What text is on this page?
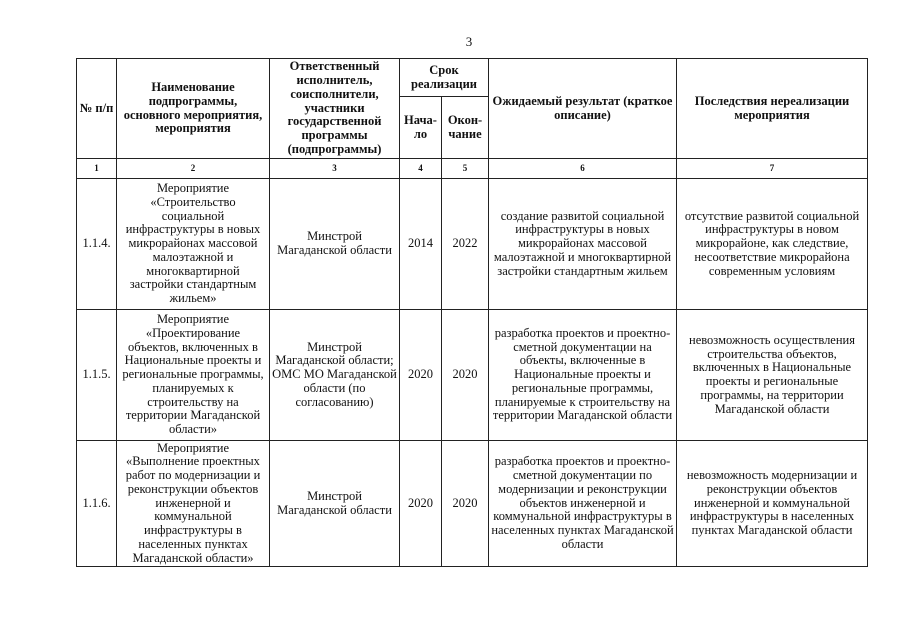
3
№ п/п	Наименование подпрограммы, основного мероприятия, мероприятия	Ответственный исполнитель, соисполнители, участники государственной программы (подпрограммы)	Срок реализации		Ожидаемый результат (краткое описание)	Последствия нереализации мероприятия
			Нача-ло	Окон-чание		
1	2	3	4	5	6	7
1.1.4.	Мероприятие «Строительство социальной инфраструктуры в новых микрорайонах массовой малоэтажной и многоквартирной застройки стандартным жильем»	Минстрой Магаданской области	2014	2022	создание развитой социальной инфраструктуры в новых микрорайонах массовой малоэтажной и многоквартирной застройки стандартным жильем	отсутствие развитой социальной инфраструктуры в новом микрорайоне, как следствие, несоответствие микрорайона современным условиям
1.1.5.	Мероприятие «Проектирование объектов, включенных в Национальные проекты и региональные программы, планируемых к строительству на территории Магаданской области»	Минстрой Магаданской области; ОМС МО Магаданской области (по согласованию)	2020	2020	разработка проектов и проектно-сметной документации на объекты, включенные в Национальные проекты и региональные программы, планируемые к строительству на территории Магаданской области	невозможность осуществления строительства объектов, включенных в Национальные проекты и региональные программы, на территории Магаданской области
1.1.6.	Мероприятие «Выполнение проектных работ по модернизации и реконструкции объектов инженерной и коммунальной инфраструктуры в населенных пунктах Магаданской области»	Минстрой Магаданской области	2020	2020	разработка проектов и проектно-сметной документации по модернизации и реконструкции объектов инженерной и коммунальной инфраструктуры в населенных пунктах Магаданской области	невозможность модернизации и реконструкции объектов инженерной и коммунальной инфраструктуры в населенных пунктах Магаданской области
